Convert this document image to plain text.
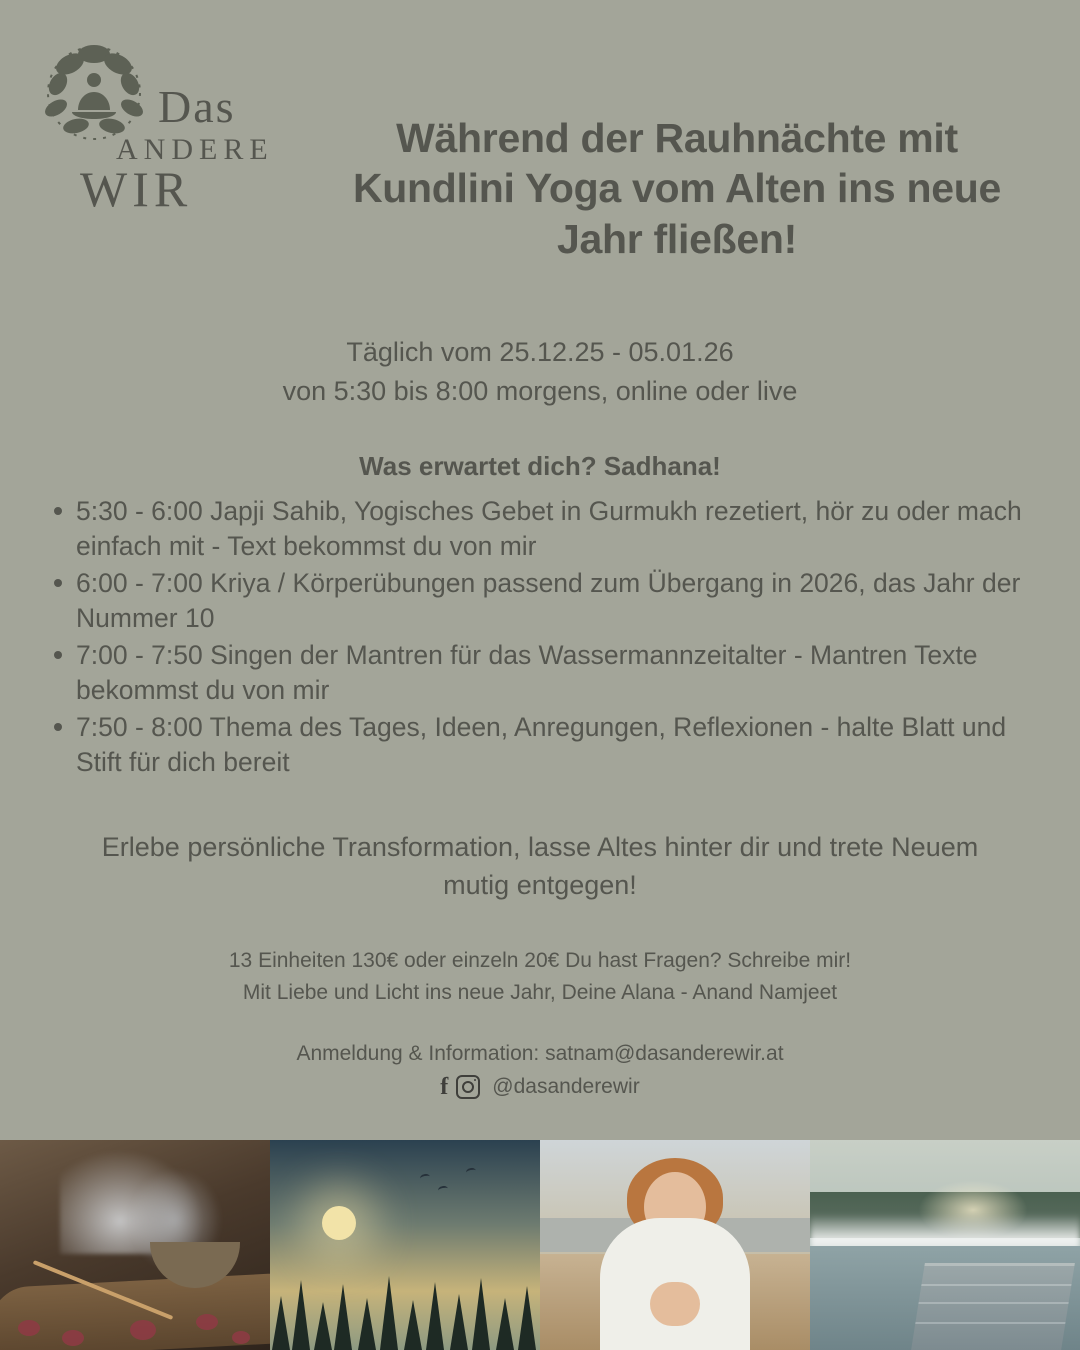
Das
ANDERE
WIR
Während der Rauhnächte mit Kundlini Yoga vom Alten ins neue Jahr fließen!
Täglich vom 25.12.25 - 05.01.26
von 5:30 bis 8:00 morgens, online oder live
Was erwartet dich? Sadhana!
5:30 - 6:00 Japji Sahib, Yogisches Gebet in Gurmukh rezetiert, hör zu oder mach einfach mit - Text bekommst du von mir
6:00 - 7:00 Kriya / Körperübungen passend zum Übergang in 2026, das Jahr der Nummer 10
7:00 - 7:50 Singen der Mantren für das Wassermannzeitalter - Mantren Texte bekommst du von mir
7:50 - 8:00 Thema des Tages, Ideen, Anregungen, Reflexionen - halte Blatt und Stift für dich bereit
Erlebe persönliche Transformation, lasse Altes hinter dir und trete Neuem mutig entgegen!
13 Einheiten 130€ oder einzeln 20€ Du hast Fragen? Schreibe mir!
Mit Liebe und Licht ins neue Jahr, Deine Alana - Anand Namjeet
Anmeldung & Information: satnam@dasanderewir.at
f @dasanderewir
